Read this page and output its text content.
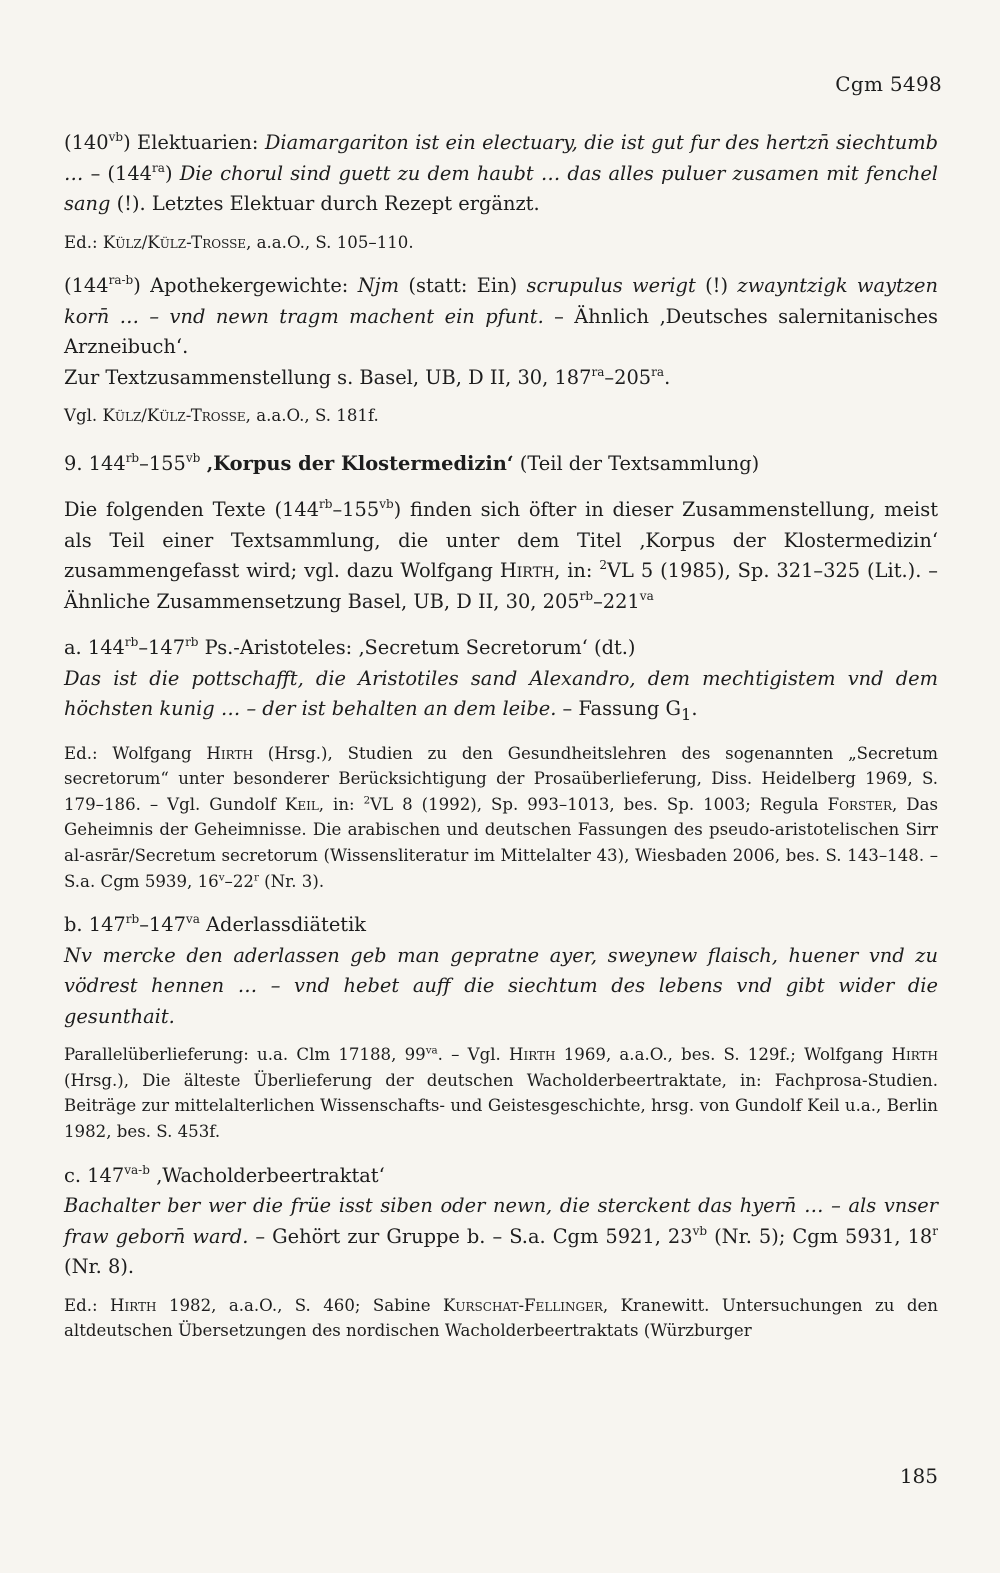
Cgm 5498

$(140^{vb})$ Elektuarien: Diamargariton ist ein electuary, die ist gut fur des hertzn̄ siechtumb … – $(144^{ra})$ Die chorul sind guett zu dem haubt … das alles puluer zusamen mit fenchel sang (!). Letztes Elektuar durch Rezept ergänzt.

Ed.: Külz/Külz-Trosse, a.a.O., S. 105–110.

$(144^{ra-b})$ Apothekergewichte: Njm (statt: Ein) scrupulus werigt (!) zwayntzigk waytzen korn̄ … – vnd newn tragm machent ein pfunt. – Ähnlich ‚Deutsches salernitanisches Arzneibuch‘.

Zur Textzusammenstellung s. Basel, UB, D II, 30, $187^{ra}-205^{ra}$.

Vgl. Külz/Külz-Trosse, a.a.O., S. 181f.

9. $144^{rb}-155^{vb}$ ‚Korpus der Klostermedizin‘ (Teil der Textsammlung)

Die folgenden Texte $(144^{rb}-155^{vb})$ finden sich öfter in dieser Zusammenstellung, meist als Teil einer Textsammlung, die unter dem Titel ‚Korpus der Klostermedizin‘ zusammengefasst wird; vgl. dazu Wolfgang Hirth, in: $^2$VL 5 (1985), Sp. 321–325 (Lit.). – Ähnliche Zusammensetzung Basel, UB, D II, 30, $205^{rb}-221^{va}$

a. $144^{rb}-147^{rb}$ Ps.-Aristoteles: ‚Secretum Secretorum‘ (dt.)

Das ist die pottschafft, die Aristotiles sand Alexandro, dem mechtigistem vnd dem höchsten kunig … – der ist behalten an dem leibe. – Fassung $G_1$.

Ed.: Wolfgang Hirth (Hrsg.), Studien zu den Gesundheitslehren des sogenannten „Secretum secretorum“ unter besonderer Berücksichtigung der Prosaüberlieferung, Diss. Heidelberg 1969, S. 179–186. – Vgl. Gundolf Keil, in: $^2$VL 8 (1992), Sp. 993–1013, bes. Sp. 1003; Regula Forster, Das Geheimnis der Geheimnisse. Die arabischen und deutschen Fassungen des pseudo-aristotelischen Sirr al-asrār/Secretum secretorum (Wissensliteratur im Mittelalter 43), Wiesbaden 2006, bes. S. 143–148. – S.a. Cgm 5939, 16$^v$–22$^r$ (Nr. 3).

b. $147^{rb}-147^{va}$ Aderlassdiätetik

Nv mercke den aderlassen geb man gepratne ayer, sweynew flaisch, huener vnd zu vödrest hennen … – vnd hebet auff die siechtum des lebens vnd gibt wider die gesunthait.

Parallelüberlieferung: u.a. Clm 17188, $99^{va}$. – Vgl. Hirth 1969, a.a.O., bes. S. 129f.; Wolfgang Hirth (Hrsg.), Die älteste Überlieferung der deutschen Wacholderbeertraktate, in: Fachprosa-Studien. Beiträge zur mittelalterlichen Wissenschafts- und Geistesgeschichte, hrsg. von Gundolf Keil u.a., Berlin 1982, bes. S. 453f.

c. $147^{va-b}$ ‚Wacholderbeertraktat‘

Bachalter ber wer die früe isst siben oder newn, die sterckent das hyern̄ … – als vnser fraw geborn̄ ward. – Gehört zur Gruppe b. – S.a. Cgm 5921, $23^{vb}$ (Nr. 5); Cgm 5931, 18$^r$ (Nr. 8).

Ed.: Hirth 1982, a.a.O., S. 460; Sabine Kurschat-Fellinger, Kranewitt. Untersuchungen zu den altdeutschen Übersetzungen des nordischen Wacholderbeertraktats (Würzburger

185
